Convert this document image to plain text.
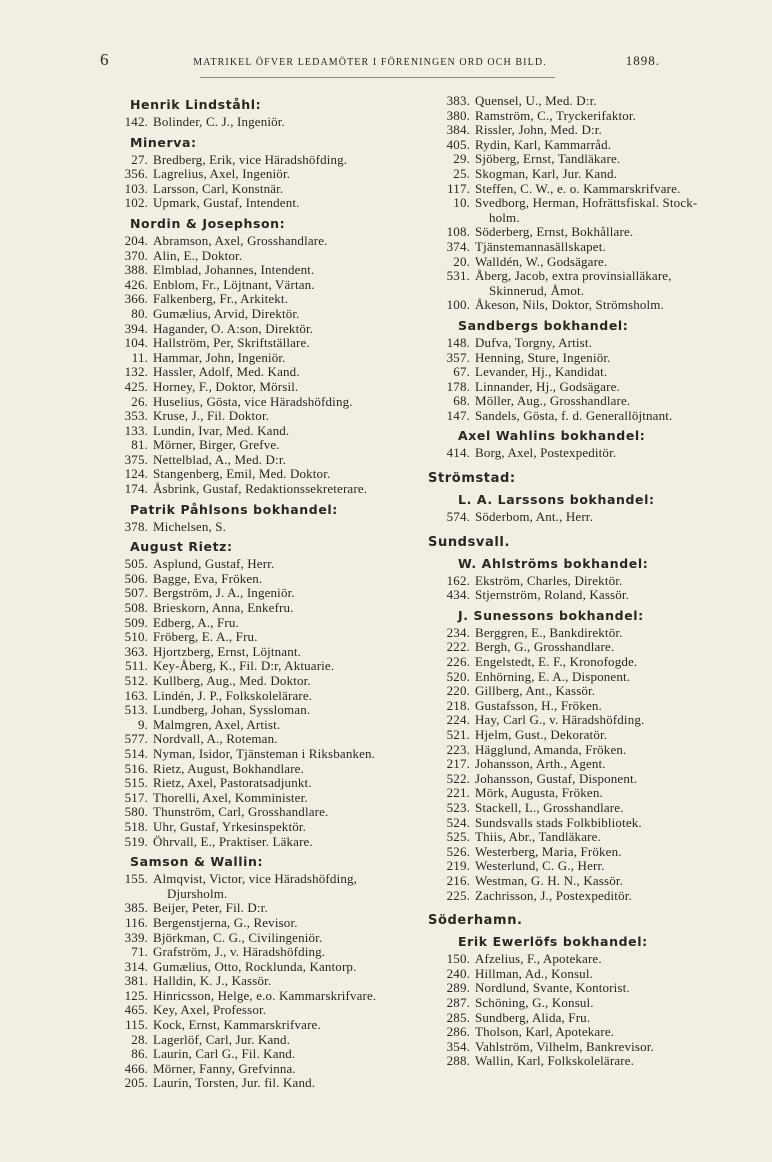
6	MATRIKEL ÖFVER LEDAMÖTER I FÖRENINGEN ORD OCH BILD.	1898.
Henrik Lindståhl:
142. Bolinder, C. J., Ingeniör.
Minerva:
27. Bredberg, Erik, vice Häradshöfding.
356. Lagrelius, Axel, Ingeniör.
103. Larsson, Carl, Konstnär.
102. Upmark, Gustaf, Intendent.
Nordin & Josephson:
204. Abramson, Axel, Grosshandlare.
370. Alin, E., Doktor.
388. Elmblad, Johannes, Intendent.
426. Enblom, Fr., Löjtnant, Värtan.
366. Falkenberg, Fr., Arkitekt.
80. Gumælius, Arvid, Direktör.
394. Hagander, O. A:son, Direktör.
104. Hallström, Per, Skriftställare.
11. Hammar, John, Ingeniör.
132. Hassler, Adolf, Med. Kand.
425. Horney, F., Doktor, Mörsil.
26. Huselius, Gösta, vice Häradshöfding.
353. Kruse, J., Fil. Doktor.
133. Lundin, Ivar, Med. Kand.
81. Mörner, Birger, Grefve.
375. Nettelblad, A., Med. D:r.
124. Stangenberg, Emil, Med. Doktor.
174. Åsbrink, Gustaf, Redaktionssekreterare.
Patrik Påhlsons bokhandel:
378. Michelsen, S.
August Rietz:
505. Asplund, Gustaf, Herr.
506. Bagge, Eva, Fröken.
507. Bergström, J. A., Ingeniör.
508. Brieskorn, Anna, Enkefru.
509. Edberg, A., Fru.
510. Fröberg, E. A., Fru.
363. Hjortzberg, Ernst, Löjtnant.
511. Key-Åberg, K., Fil. D:r, Aktuarie.
512. Kullberg, Aug., Med. Doktor.
163. Lindén, J. P., Folkskolelärare.
513. Lundberg, Johan, Syssloman.
9. Malmgren, Axel, Artist.
577. Nordvall, A., Roteman.
514. Nyman, Isidor, Tjänsteman i Riksbanken.
516. Rietz, August, Bokhandlare.
515. Rietz, Axel, Pastoratsadjunkt.
517. Thorelli, Axel, Komminister.
580. Thunström, Carl, Grosshandlare.
518. Uhr, Gustaf, Yrkesinspektör.
519. Öhrvall, E., Praktiser. Läkare.
Samson & Wallin:
155. Almqvist, Victor, vice Häradshöfding,
Djursholm.
385. Beijer, Peter, Fil. D:r.
116. Bergenstjerna, G., Revisor.
339. Björkman, C. G., Civilingeniör.
71. Grafström, J., v. Häradshöfding.
314. Gumælius, Otto, Rocklunda, Kantorp.
381. Halldin, K. J., Kassör.
125. Hinricsson, Helge, e.o. Kammarskrifvare.
465. Key, Axel, Professor.
115. Kock, Ernst, Kammarskrifvare.
28. Lagerlöf, Carl, Jur. Kand.
86. Laurin, Carl G., Fil. Kand.
466. Mörner, Fanny, Grefvinna.
205. Laurin, Torsten, Jur. fil. Kand.
383. Quensel, U., Med. D:r.
380. Ramström, C., Tryckerifaktor.
384. Rissler, John, Med. D:r.
405. Rydin, Karl, Kammarråd.
29. Sjöberg, Ernst, Tandläkare.
25. Skogman, Karl, Jur. Kand.
117. Steffen, C. W., e. o. Kammarskrifvare.
10. Svedborg, Herman, Hofrättsfiskal. Stock-
holm.
108. Söderberg, Ernst, Bokhållare.
374. Tjänstemannasällskapet.
20. Walldén, W., Godsägare.
531. Åberg, Jacob, extra provinsialläkare,
Skinnerud, Åmot.
100. Åkeson, Nils, Doktor, Strömsholm.
Sandbergs bokhandel:
148. Dufva, Torgny, Artist.
357. Henning, Sture, Ingeniör.
67. Levander, Hj., Kandidat.
178. Linnander, Hj., Godsägare.
68. Möller, Aug., Grosshandlare.
147. Sandels, Gösta, f. d. Generallöjtnant.
Axel Wahlins bokhandel:
414. Borg, Axel, Postexpeditör.
Strömstad:
L. A. Larssons bokhandel:
574. Söderbom, Ant., Herr.
Sundsvall.
W. Ahlströms bokhandel:
162. Ekström, Charles, Direktör.
434. Stjernström, Roland, Kassör.
J. Sunessons bokhandel:
234. Berggren, E., Bankdirektör.
222. Bergh, G., Grosshandlare.
226. Engelstedt, E. F., Kronofogde.
520. Enhörning, E. A., Disponent.
220. Gillberg, Ant., Kassör.
218. Gustafsson, H., Fröken.
224. Hay, Carl G., v. Häradshöfding.
521. Hjelm, Gust., Dekoratör.
223. Hägglund, Amanda, Fröken.
217. Johansson, Arth., Agent.
522. Johansson, Gustaf, Disponent.
221. Mörk, Augusta, Fröken.
523. Stackell, L., Grosshandlare.
524. Sundsvalls stads Folkbibliotek.
525. Thiis, Abr., Tandläkare.
526. Westerberg, Maria, Fröken.
219. Westerlund, C. G., Herr.
216. Westman, G. H. N., Kassör.
225. Zachrisson, J., Postexpeditör.
Söderhamn.
Erik Ewerlöfs bokhandel:
150. Afzelius, F., Apotekare.
240. Hillman, Ad., Konsul.
289. Nordlund, Svante, Kontorist.
287. Schöning, G., Konsul.
285. Sundberg, Alida, Fru.
286. Tholson, Karl, Apotekare.
354. Vahlström, Vilhelm, Bankrevisor.
288. Wallin, Karl, Folkskolelärare.
